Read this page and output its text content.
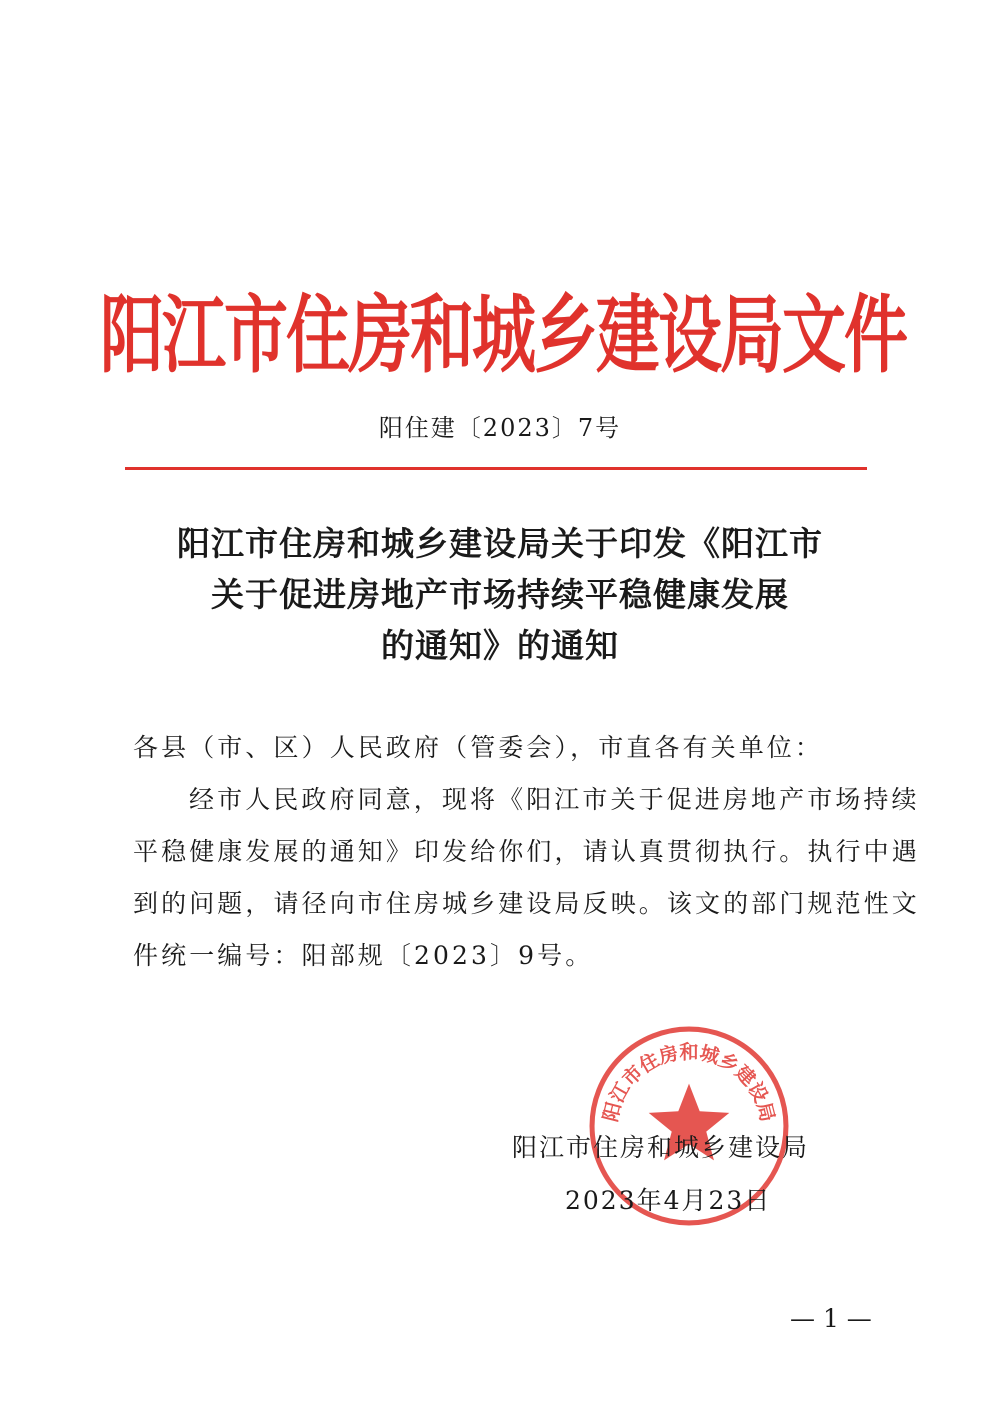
阳江市住房和城乡建设局文件
阳住建〔2023〕7号
阳江市住房和城乡建设局关于印发《阳江市
关于促进房地产市场持续平稳健康发展
的通知》的通知
各县（市、区）人民政府（管委会），市直各有关单位：
经市人民政府同意，现将《阳江市关于促进房地产市场持续
平稳健康发展的通知》印发给你们，请认真贯彻执行。执行中遇
到的问题，请径向市住房城乡建设局反映。该文的部门规范性文
件统一编号：阳部规〔2023〕9号。
阳江市住房和城乡建设局
阳江市住房和城乡建设局
2023年4月23日
— 1 —
